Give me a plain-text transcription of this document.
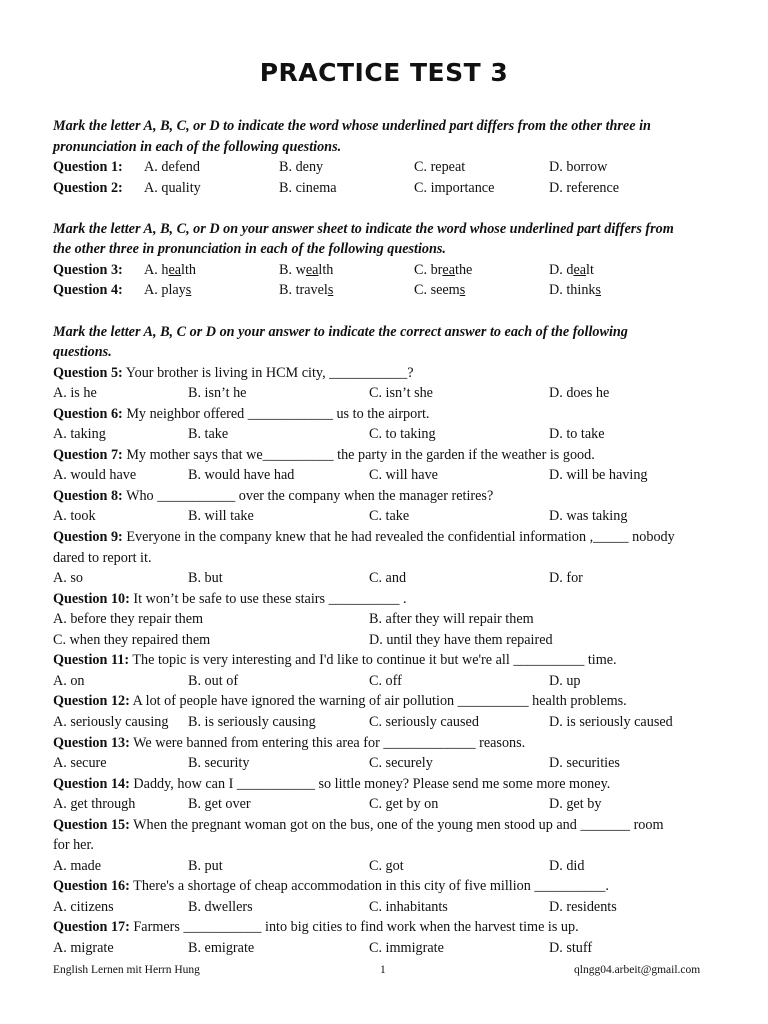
PRACTICE TEST 3
Mark the letter A, B, C, or D to indicate the word whose underlined part differs from the other three in
pronunciation in each of the following questions.
Question 1: A. defend	B. deny	C. repeat	D. borrow
Question 2: A. quality	B. cinema	C. importance	D. reference
Mark the letter A, B, C, or D on your answer sheet to indicate the word whose underlined part differs from
the other three in pronunciation in each of the following questions.
Question 3: A. health	B. wealth	C. breathe	D. dealt
Question 4: A. plays	B. travels	C. seems	D. thinks
Mark the letter A, B, C or D on your answer to indicate the correct answer to each of the following
questions.
Question 5: Your brother is living in HCM city, ___________?
A. is he	B. isn’t he	C. isn’t she	D. does he
Question 6: My neighbor offered ____________ us to the airport.
A. taking	B. take	C. to taking	D. to take
Question 7: My mother says that we__________ the party in the garden if the weather is good.
A. would have	B. would have had	C. will have	D. will be having
Question 8: Who ___________ over the company when the manager retires?
A. took	B. will take	C. take	D. was taking
Question 9: Everyone in the company knew that he had revealed the confidential information ,_____ nobody
dared to report it.
A. so	B. but	C. and	D. for
Question 10: It won’t be safe to use these stairs __________ .
A. before they repair them	B. after they will repair them
C. when they repaired them	D. until they have them repaired
Question 11: The topic is very interesting and I'd like to continue it but we're all __________ time.
A. on	B. out of	C. off	D. up
Question 12: A lot of people have ignored the warning of air pollution __________ health problems.
A. seriously causing B. is seriously causing	C. seriously caused	D. is seriously caused
Question 13: We were banned from entering this area for _____________ reasons.
A. secure	B. security	C. securely	D. securities
Question 14: Daddy, how can I ___________ so little money? Please send me some more money.
A. get through	B. get over	C. get by on	D. get by
Question 15: When the pregnant woman got on the bus, one of the young men stood up and _______ room
for her.
A. made	B. put	C. got	D. did
Question 16: There's a shortage of cheap accommodation in this city of five million __________.
A. citizens	B. dwellers	C. inhabitants	D. residents
Question 17: Farmers ___________ into big cities to find work when the harvest time is up.
A. migrate	B. emigrate	C. immigrate	D. stuff
English Lernen mit Herrn Hung	1	qlngg04.arbeit@gmail.com
